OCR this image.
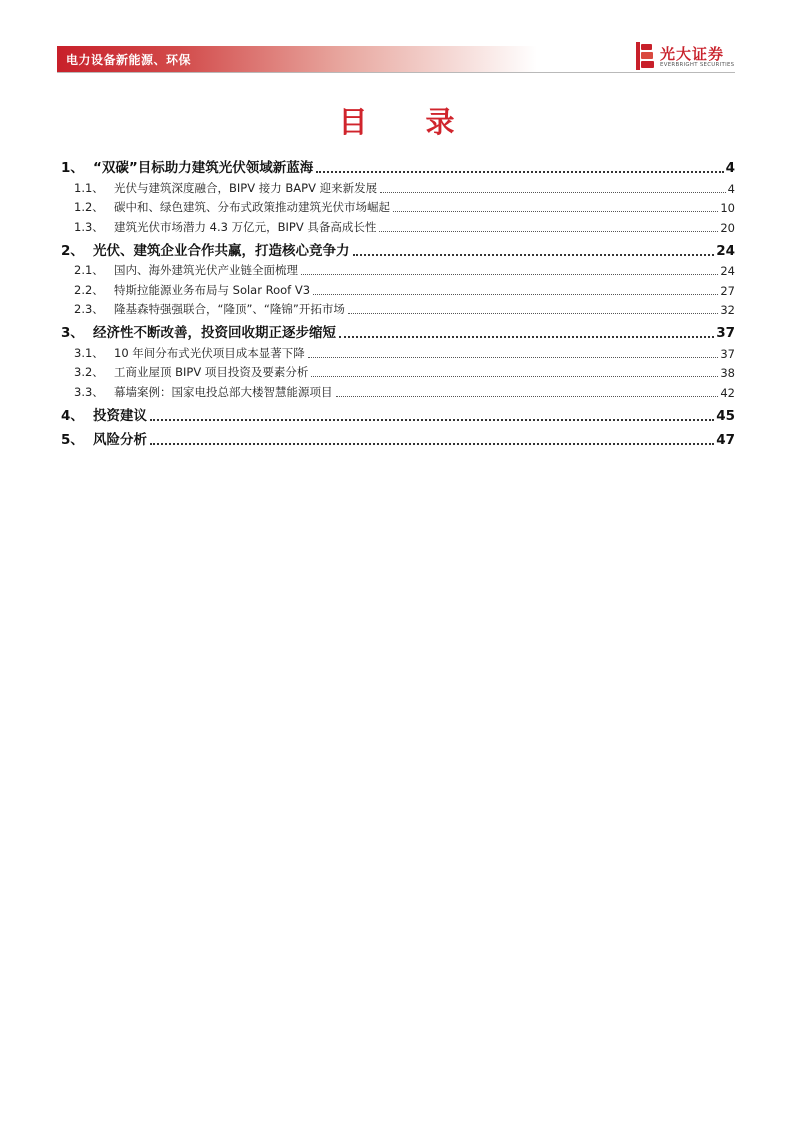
电力设备新能源、环保	光大证券
EVERBRIGHT SECURITIES
目 录
1、 “双碳”目标助力建筑光伏领域新蓝海	4
1.1、 光伏与建筑深度融合，BIPV 接力 BAPV 迎来新发展	4
1.2、 碳中和、绿色建筑、分布式政策推动建筑光伏市场崛起	10
1.3、 建筑光伏市场潜力 4.3 万亿元，BIPV 具备高成长性	20
2、 光伏、建筑企业合作共赢，打造核心竞争力	24
2.1、 国内、海外建筑光伏产业链全面梳理	24
2.2、 特斯拉能源业务布局与 Solar Roof V3	27
2.3、 隆基森特强强联合，“隆顶”、“隆锦”开拓市场	32
3、 经济性不断改善，投资回收期正逐步缩短	37
3.1、 10 年间分布式光伏项目成本显著下降	37
3.2、 工商业屋顶 BIPV 项目投资及要素分析	38
3.3、 幕墙案例：国家电投总部大楼智慧能源项目	42
4、 投资建议	45
5、 风险分析	47
